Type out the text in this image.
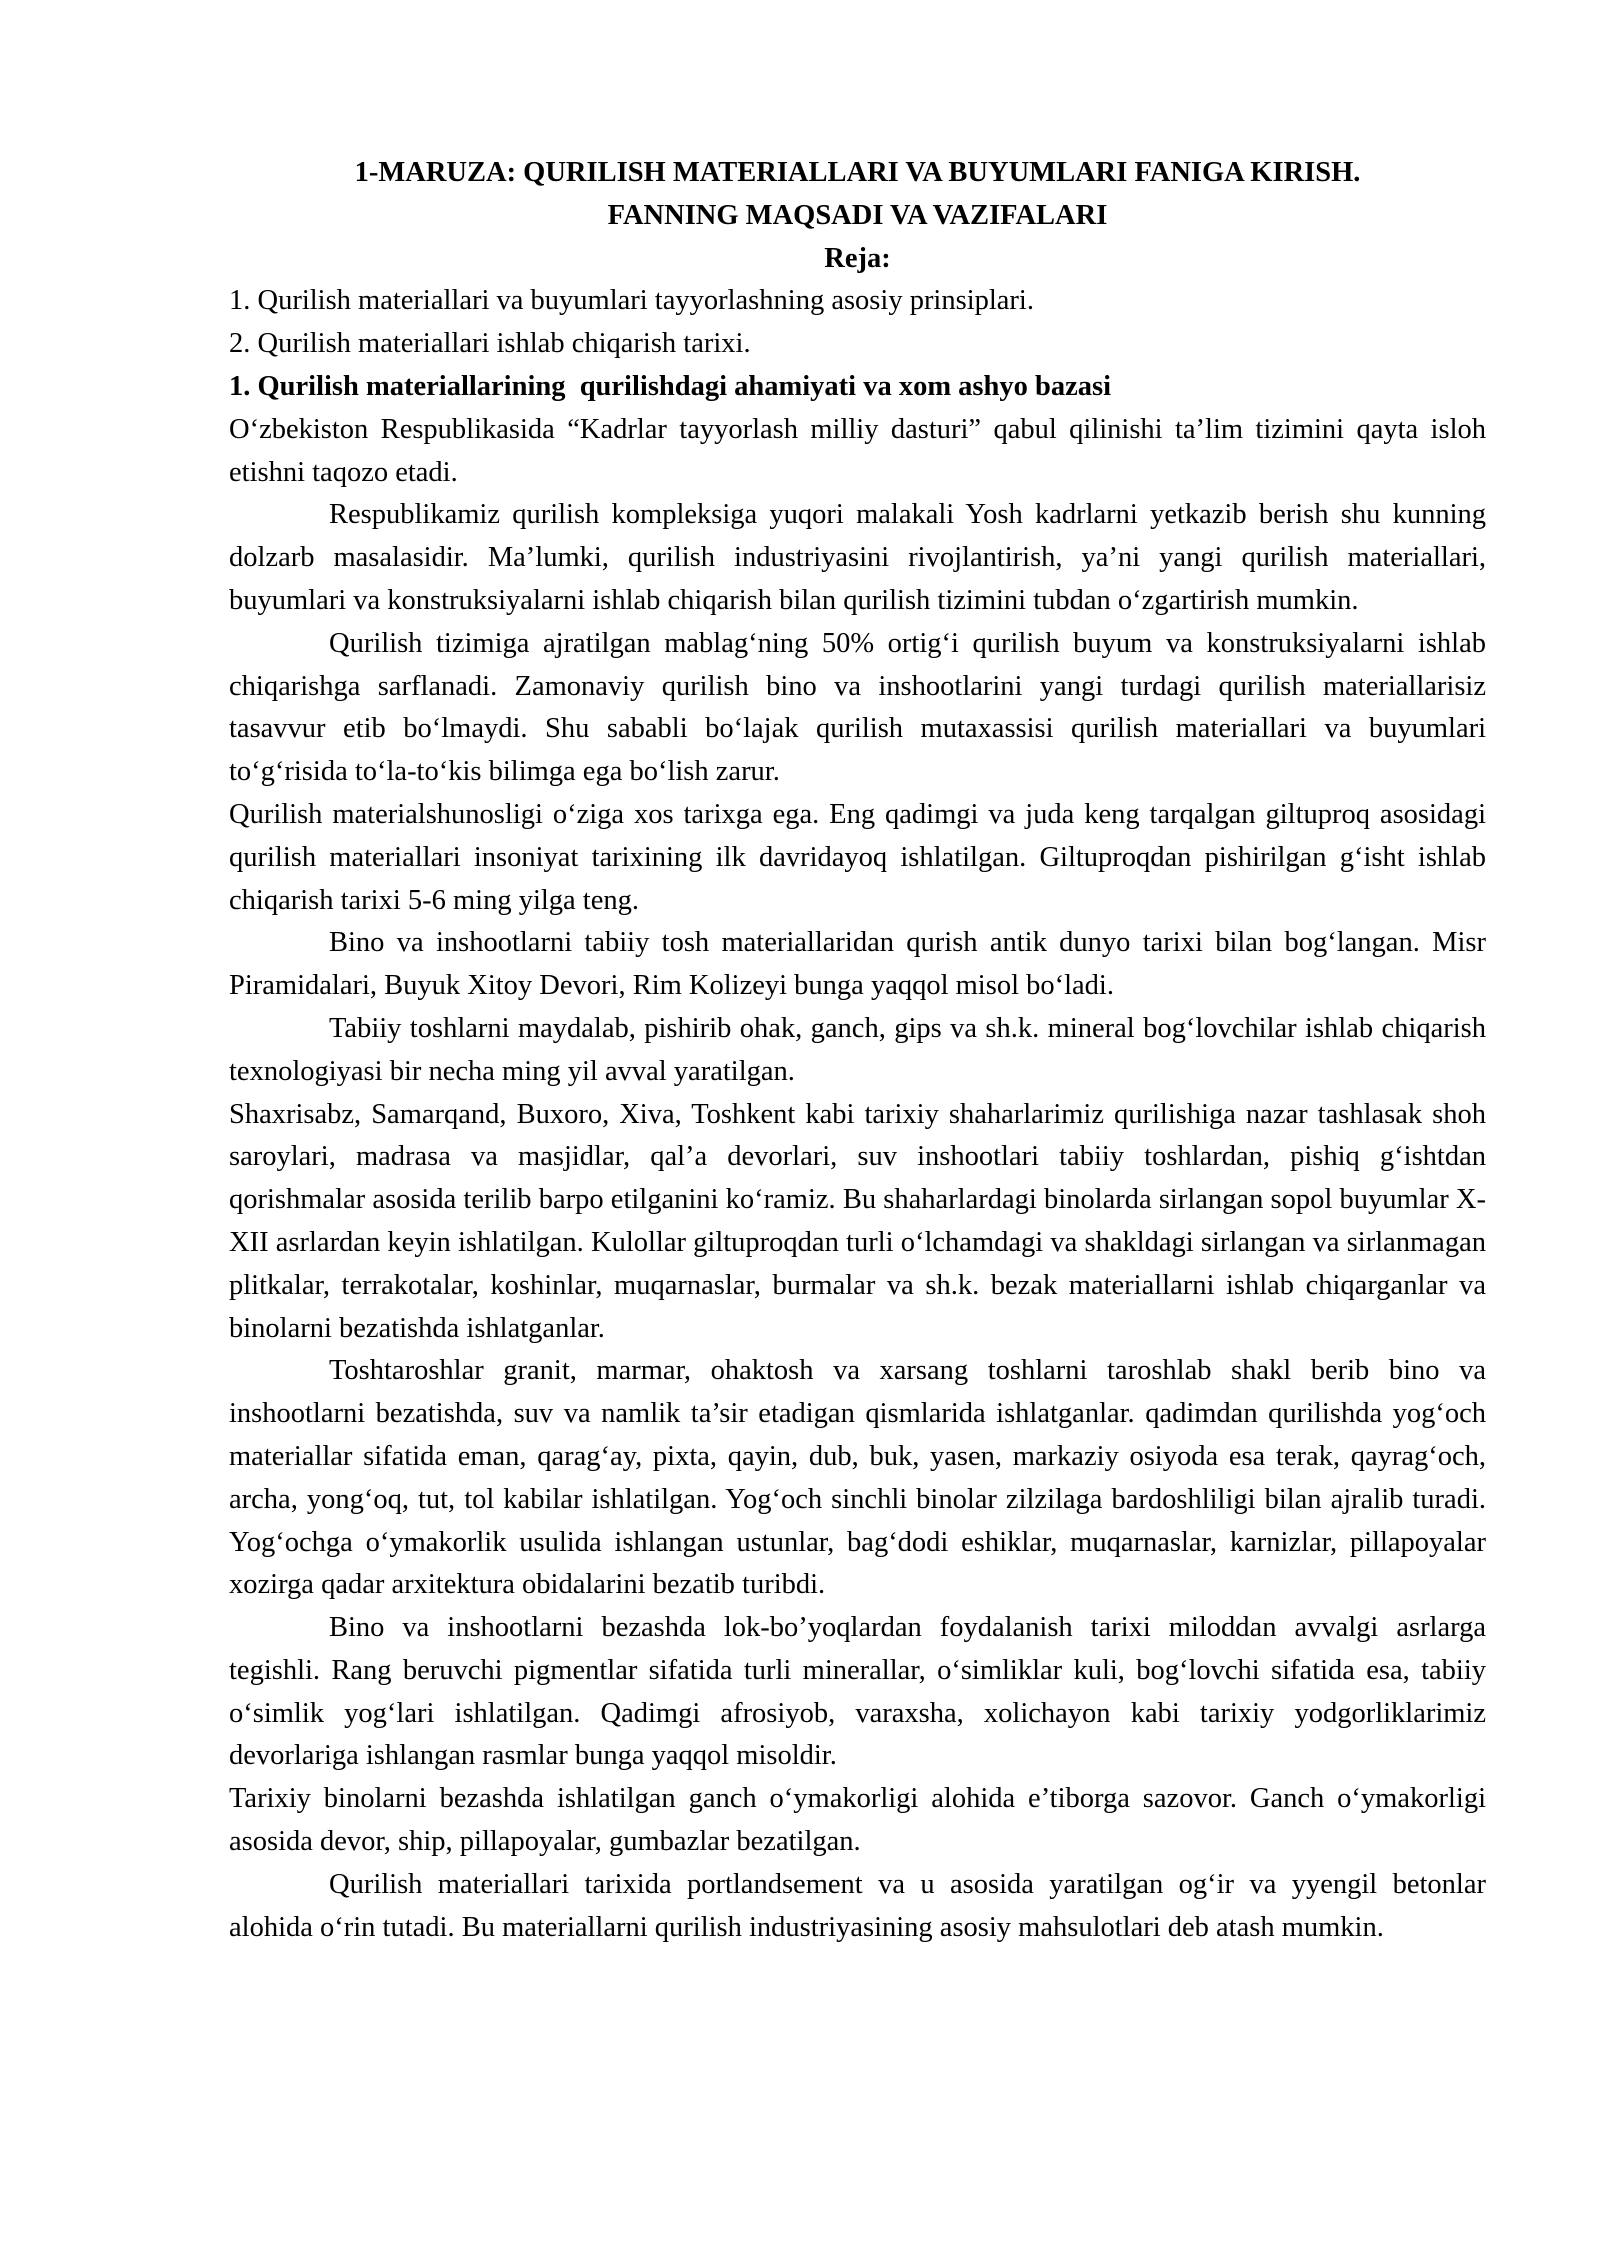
1-MARUZA: QURILISH MATERIALLARI VA BUYUMLARI FANIGA KIRISH.

FANNING MAQSADI VA VAZIFALARI

Reja:

1. Qurilish materiallari va buyumlari tayyorlashning asosiy prinsiplari.

2. Qurilish materiallari ishlab chiqarish tarixi.

1. Qurilish materiallarining  qurilishdagi ahamiyati va xom ashyo bazasi

Oʻzbekiston Respublikasida “Kadrlar tayyorlash milliy dasturi” qabul qilinishi ta’lim tizimini qayta isloh etishni taqozo etadi.

Respublikamiz qurilish kompleksiga yuqori malakali Yosh kadrlarni yetkazib berish shu kunning dolzarb masalasidir. Ma’lumki, qurilish industriyasini rivojlantirish, ya’ni yangi qurilish materiallari, buyumlari va konstruksiyalarni ishlab chiqarish bilan qurilish tizimini tubdan oʻzgartirish mumkin.

Qurilish tizimiga ajratilgan mablagʻning 50% ortigʻi qurilish buyum va konstruksiyalarni ishlab chiqarishga sarflanadi. Zamonaviy qurilish bino va inshootlarini yangi turdagi qurilish materiallarisiz tasavvur etib boʻlmaydi. Shu sababli boʻlajak qurilish mutaxassisi qurilish materiallari va buyumlari toʻgʻrisida toʻla-toʻkis bilimga ega boʻlish zarur.

Qurilish materialshunosligi oʻziga xos tarixga ega. Eng qadimgi va juda keng tarqalgan giltuproq asosidagi qurilish materiallari insoniyat tarixining ilk davridayoq ishlatilgan. Giltuproqdan pishirilgan gʻisht ishlab chiqarish tarixi 5-6 ming yilga teng.

Bino va inshootlarni tabiiy tosh materiallaridan qurish antik dunyo tarixi bilan bogʻlangan. Misr Piramidalari, Buyuk Xitoy Devori, Rim Kolizeyi bunga yaqqol misol boʻladi.

Tabiiy toshlarni maydalab, pishirib ohak, ganch, gips va sh.k. mineral bogʻlovchilar ishlab chiqarish texnologiyasi bir necha ming yil avval yaratilgan.

Shaxrisabz, Samarqand, Buxoro, Xiva, Toshkent kabi tarixiy shaharlarimiz qurilishiga nazar tashlasak shoh saroylari, madrasa va masjidlar, qal’a devorlari, suv inshootlari tabiiy toshlardan, pishiq gʻishtdan qorishmalar asosida terilib barpo etilganini koʻramiz. Bu shaharlardagi binolarda sirlangan sopol buyumlar X-XII asrlardan keyin ishlatilgan. Kulollar giltuproqdan turli oʻlchamdagi va shakldagi sirlangan va sirlanmagan plitkalar, terrakotalar, koshinlar, muqarnaslar, burmalar va sh.k. bezak materiallarni ishlab chiqarganlar va binolarni bezatishda ishlatganlar.

Toshtaroshlar granit, marmar, ohaktosh va xarsang toshlarni taroshlab shakl berib bino va inshootlarni bezatishda, suv va namlik ta’sir etadigan qismlarida ishlatganlar. qadimdan qurilishda yogʻoch materiallar sifatida eman, qaragʻay, pixta, qayin, dub, buk, yasen, markaziy osiyoda esa terak, qayragʻoch, archa, yongʻoq, tut, tol kabilar ishlatilgan. Yogʻoch sinchli binolar zilzilaga bardoshliligi bilan ajralib turadi. Yogʻochga oʻymakorlik usulida ishlangan ustunlar, bagʻdodi eshiklar, muqarnaslar, karnizlar, pillapoyalar xozirga qadar arxitektura obidalarini bezatib turibdi.

Bino va inshootlarni bezashda lok-bo’yoqlardan foydalanish tarixi miloddan avvalgi asrlarga tegishli. Rang beruvchi pigmentlar sifatida turli minerallar, oʻsimliklar kuli, bogʻlovchi sifatida esa, tabiiy oʻsimlik yogʻlari ishlatilgan. Qadimgi afrosiyob, varaxsha, xolichayon kabi tarixiy yodgorliklarimiz devorlariga ishlangan rasmlar bunga yaqqol misoldir.

Tarixiy binolarni bezashda ishlatilgan ganch oʻymakorligi alohida e’tiborga sazovor. Ganch oʻymakorligi asosida devor, ship, pillapoyalar, gumbazlar bezatilgan.

Qurilish materiallari tarixida portlandsement va u asosida yaratilgan ogʻir va yyengil betonlar alohida oʻrin tutadi. Bu materiallarni qurilish industriyasining asosiy mahsulotlari deb atash mumkin.
